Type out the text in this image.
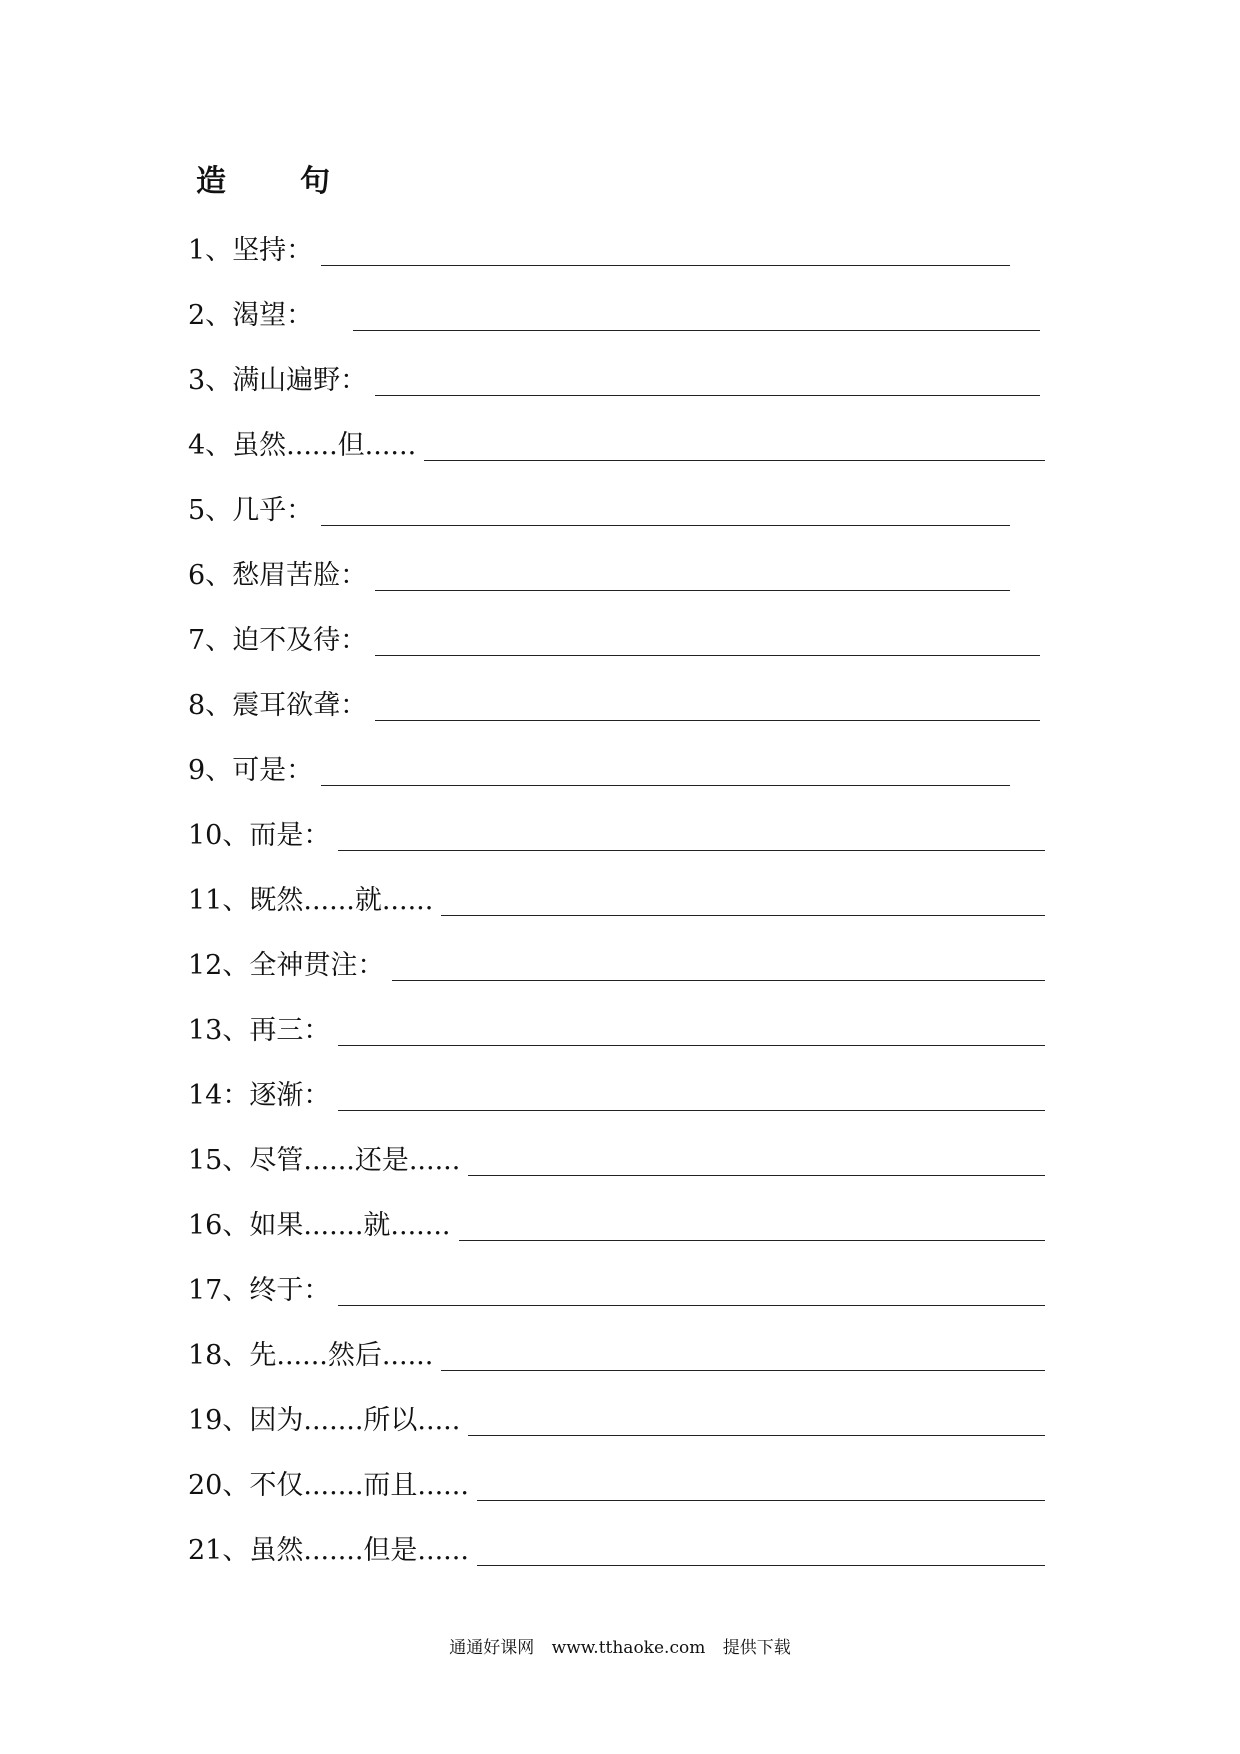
造　句
1、 坚持：
2、 渴望：
3、 满山遍野：
4、 虽然......但......
5、 几乎：
6、 愁眉苦脸：
7、 迫不及待：
8、 震耳欲聋：
9、 可是：
10、 而是：
11、 既然......就......
12、 全神贯注：
13、 再三：
14： 逐渐：
15、 尽管......还是......
16、 如果.......就.......
17、 终于：
18、 先......然后......
19、 因为.......所以.....
20、 不仅.......而且......
21、 虽然.......但是......
通通好课网 www.tthaoke.com 提供下载
